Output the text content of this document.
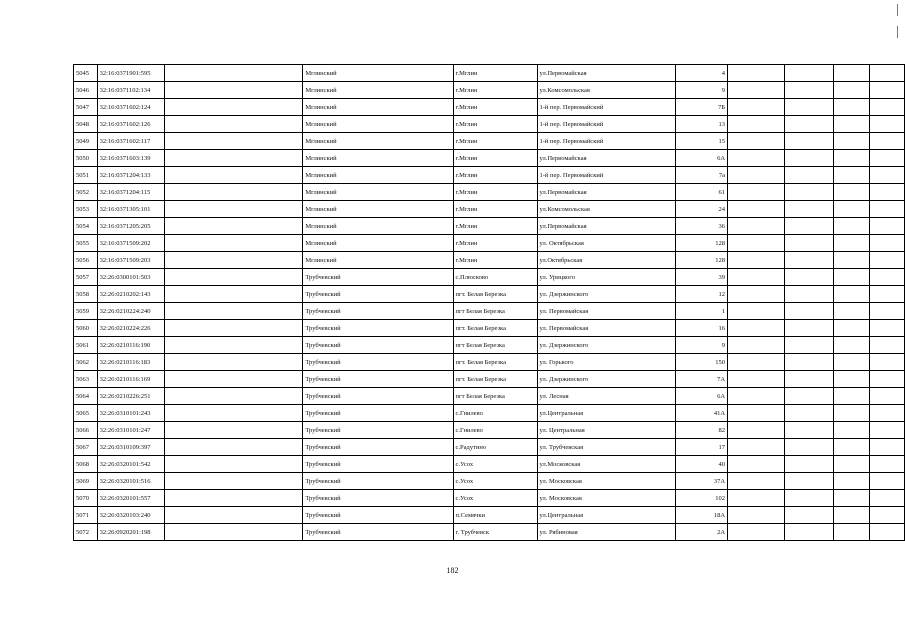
5045	32:16:0371901:595		Мглинский	г.Мглин	ул.Первомайская	4				
5046	32:16:0371102:134		Мглинский	г.Мглин	ул.Комсомольская	9				
5047	32:16:0371602:124		Мглинский	г.Мглин	1-й пер. Первомайский	7Б				
5048	32:16:0371602:126		Мглинский	г.Мглин	1-й пер. Первомайский	13				
5049	32:16:0371602:117		Мглинский	г.Мглин	1-й пер. Первомайский	15				
5050	32:16:0371603:139		Мглинский	г.Мглин	ул.Первомайская	6А				
5051	32:16:0371204:133		Мглинский	г.Мглин	1-й пер. Первомайский	7а				
5052	32:16:0371204:115		Мглинский	г.Мглин	ул.Первомайская	61				
5053	32:16:0371305:101		Мглинский	г.Мглин	ул.Комсомольская	24				
5054	32:16:0371205:205		Мглинский	г.Мглин	ул.Первомайская	36				
5055	32:16:0371509:202		Мглинский	г.Мглин	ул. Октябрьская	128				
5056	32:16:0371509:203		Мглинский	г.Мглин	ул.Октябрьская	128				
5057	32:26:0300101:503		Трубчевский	с.Плюсково	ул. Урицкого	39				
5058	32:26:0210202:143		Трубчевский	пгт. Белая Березка	ул. Дзержинского	12				
5059	32:26:0210224:240		Трубчевский	пгт Белая Березка	ул. Первомайская	1				
5060	32:26:0210224:226		Трубчевский	пгт. Белая Березка	ул. Первомайская	16				
5061	32:26:0210116:190		Трубчевский	пгт Белая Березка	ул. Дзержинского	9				
5062	32:26:0210116:183		Трубчевский	пгт. Белая Березка	ул. Горького	150				
5063	32:26:0210116:169		Трубчевский	пгт. Белая Березка	ул. Дзержинского	7А				
5064	32:26:0210226:251		Трубчевский	пгт Белая Березка	ул. Лесная	6А				
5065	32:26:0310101:243		Трубчевский	с.Гнилево	ул.Центральная	41А				
5066	32:26:0310101:247		Трубчевский	с.Гнилево	ул. Центральная	82				
5067	32:26:0310109:397		Трубчевский	с.Радутино	ул. Трубчевская	17				
5068	32:26:0320101:542		Трубчевский	с.Усох	ул.Московская	40				
5069	32:26:0320101:516		Трубчевский	с.Усох	ул. Московская	37А				
5070	32:26:0320101:557		Трубчевский	с.Усох	ул. Московская	102				
5071	32:26:0320103:240		Трубчевский	п.Семячки	ул.Центральная	18А				
5072	32:26:0920201:198		Трубчевский	г. Трубчевск	ул. Рябиновая	2А				
182
